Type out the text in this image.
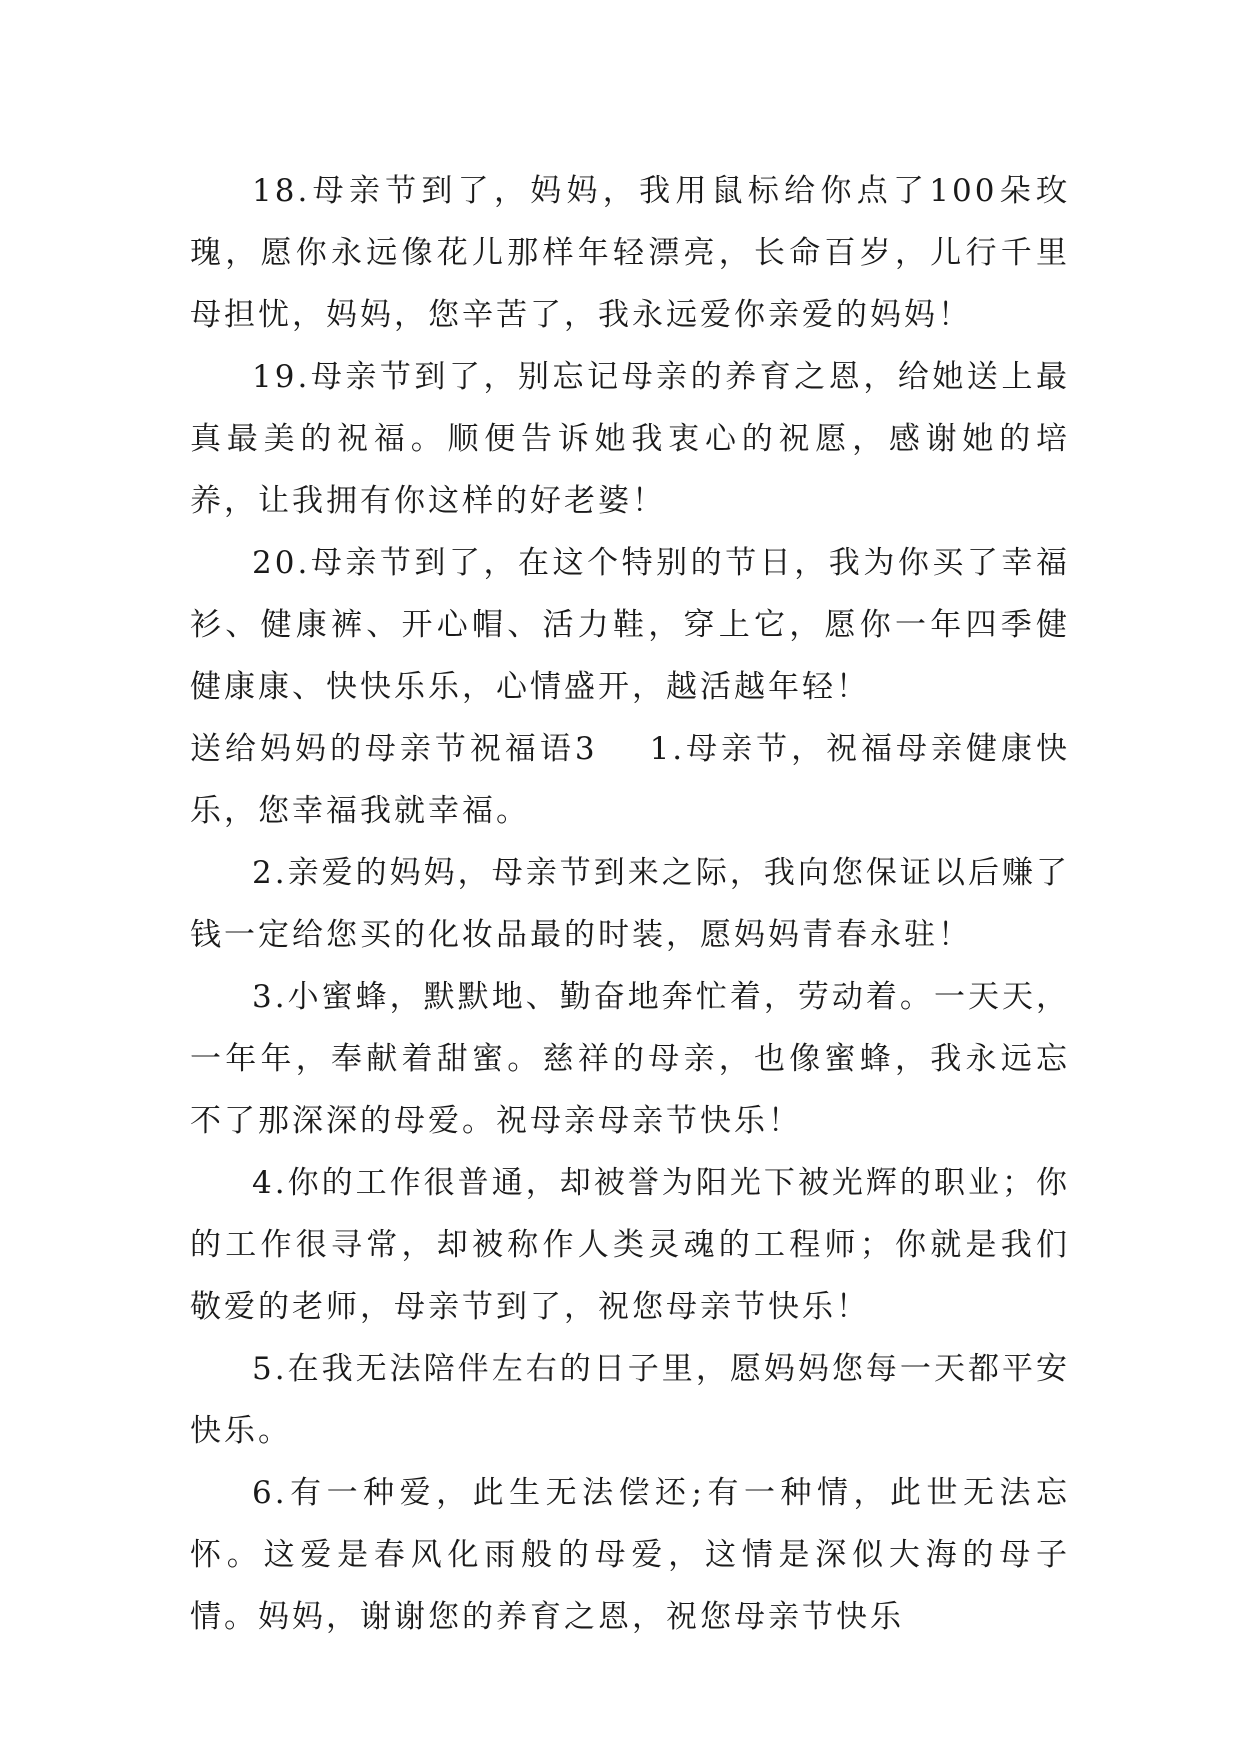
18.母亲节到了，妈妈，我用鼠标给你点了100朵玫瑰，愿你永远像花儿那样年轻漂亮，长命百岁，儿行千里母担忧，妈妈，您辛苦了，我永远爱你亲爱的妈妈！

19.母亲节到了，别忘记母亲的养育之恩，给她送上最真最美的祝福。顺便告诉她我衷心的祝愿，感谢她的培养，让我拥有你这样的好老婆！

20.母亲节到了，在这个特别的节日，我为你买了幸福衫、健康裤、开心帽、活力鞋，穿上它，愿你一年四季健健康康、快快乐乐，心情盛开，越活越年轻！

送给妈妈的母亲节祝福语3 1.母亲节，祝福母亲健康快乐，您幸福我就幸福。

2.亲爱的妈妈，母亲节到来之际，我向您保证以后赚了钱一定给您买的化妆品最的时装，愿妈妈青春永驻！

3.小蜜蜂，默默地、勤奋地奔忙着，劳动着。一天天，一年年，奉献着甜蜜。慈祥的母亲，也像蜜蜂，我永远忘不了那深深的母爱。祝母亲母亲节快乐！

4.你的工作很普通，却被誉为阳光下被光辉的职业；你的工作很寻常，却被称作人类灵魂的工程师；你就是我们敬爱的老师，母亲节到了，祝您母亲节快乐！

5.在我无法陪伴左右的日子里，愿妈妈您每一天都平安快乐。

6.有一种爱，此生无法偿还;有一种情，此世无法忘怀。这爱是春风化雨般的母爱，这情是深似大海的母子情。妈妈，谢谢您的养育之恩，祝您母亲节快乐
